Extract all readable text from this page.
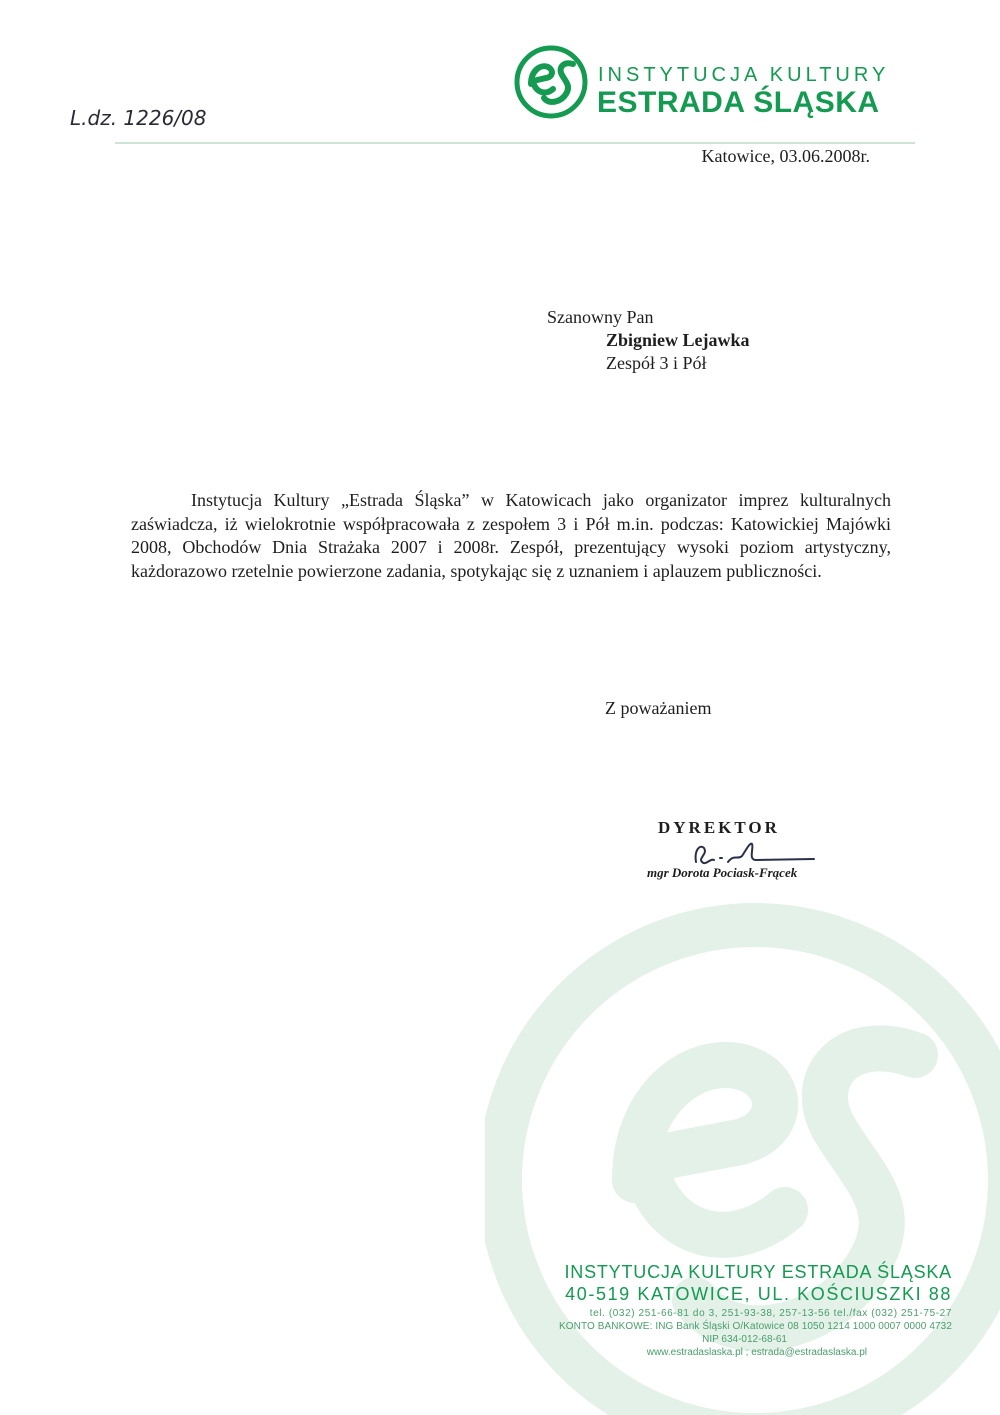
INSTYTUCJA KULTURY
ESTRADA ŚLĄSKA
L.dz. 1226/08
Katowice, 03.06.2008r.
Szanowny Pan
Zbigniew Lejawka
Zespół 3 i Pół
Instytucja Kultury „Estrada Śląska” w Katowicach jako organizator imprez kulturalnych zaświadcza, iż wielokrotnie współpracowała z zespołem 3 i Pół m.in. podczas: Katowickiej Majówki 2008, Obchodów Dnia Strażaka 2007 i 2008r. Zespół, prezentujący wysoki poziom artystyczny, każdorazowo rzetelnie powierzone zadania, spotykając się z uznaniem i aplauzem publiczności.
Z poważaniem
DYREKTOR
mgr Dorota Pociask-Frącek
INSTYTUCJA KULTURY ESTRADA ŚLĄSKA
40-519 KATOWICE, UL. KOŚCIUSZKI 88
tel. (032) 251-66-81 do 3, 251-93-38, 257-13-56 tel./fax (032) 251-75-27
KONTO BANKOWE: ING Bank Śląski O/Katowice 08 1050 1214 1000 0007 0000 4732
NIP 634-012-68-61
www.estradaslaska.pl ; estrada@estradaslaska.pl
